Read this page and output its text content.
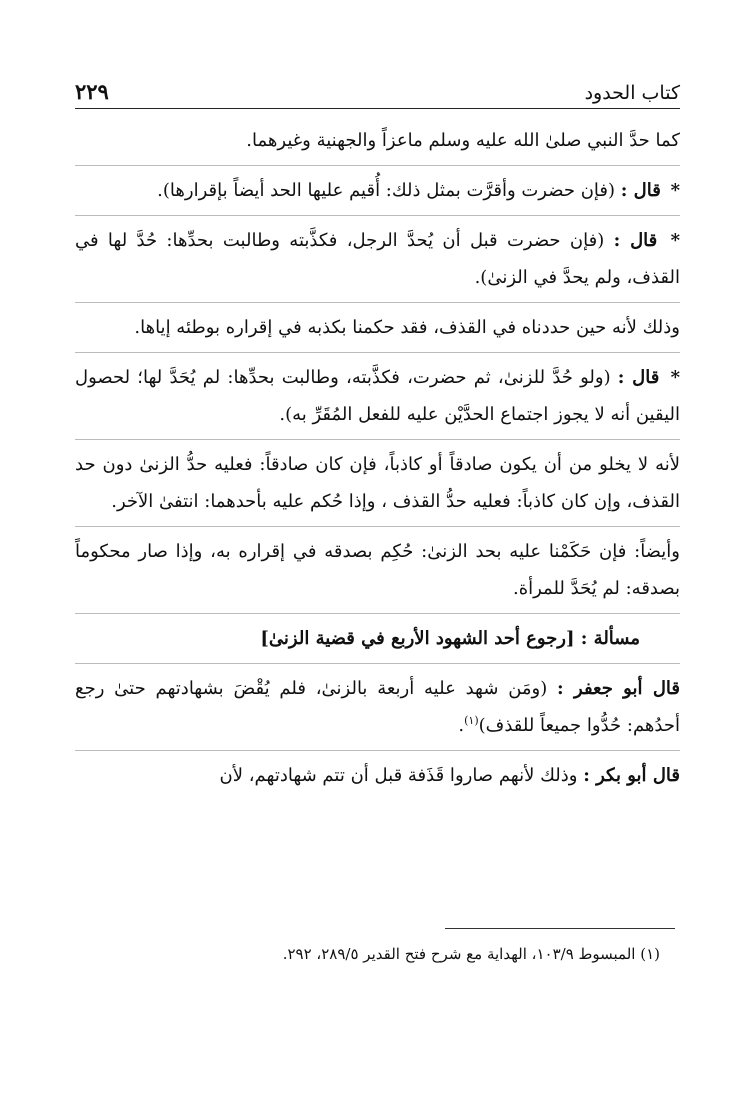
كتاب الحدود
٢٢٩

كما حدَّ النبي صلىٰ الله عليه وسلم ماعزاً والجهنية وغيرهما.

* قال : (فإن حضرت وأقرَّت بمثل ذلك: أُقيم عليها الحد أيضاً بإقرارها).

* قال : (فإن حضرت قبل أن يُحدَّ الرجل، فكذَّبته وطالبت بحدِّها: حُدَّ لها في القذف، ولم يحدَّ في الزنىٰ).

وذلك لأنه حين حددناه في القذف، فقد حكمنا بكذبه في إقراره بوطئه إياها.

* قال : (ولو حُدَّ للزنىٰ، ثم حضرت، فكذَّبته، وطالبت بحدِّها: لم يُحَدَّ لها؛ لحصول اليقين أنه لا يجوز اجتماع الحدَّيْن عليه للفعل المُقَرِّ به).

لأنه لا يخلو من أن يكون صادقاً أو كاذباً، فإن كان صادقاً: فعليه حدُّ الزنىٰ دون حد القذف، وإن كان كاذباً: فعليه حدُّ القذف ، وإذا حُكم عليه بأحدهما: انتفىٰ الآخر.

وأيضاً: فإن حَكَمْنا عليه بحد الزنىٰ: حُكِم بصدقه في إقراره به، وإذا صار محكوماً بصدقه: لم يُحَدَّ للمرأة.

مسألة : [رجوع أحد الشهود الأربع في قضية الزنىٰ]

قال أبو جعفر : (ومَن شهد عليه أربعة بالزنىٰ، فلم يُقْضَ بشهادتهم حتىٰ رجع أحدُهم: حُدُّوا جميعاً للقذف)$^{(١)}$.

قال أبو بكر : وذلك لأنهم صاروا قَذَفة قبل أن تتم شهادتهم، لأن

(١) المبسوط ١٠٣/٩، الهداية مع شرح فتح القدير ٢٨٩/٥، ٢٩٢.
